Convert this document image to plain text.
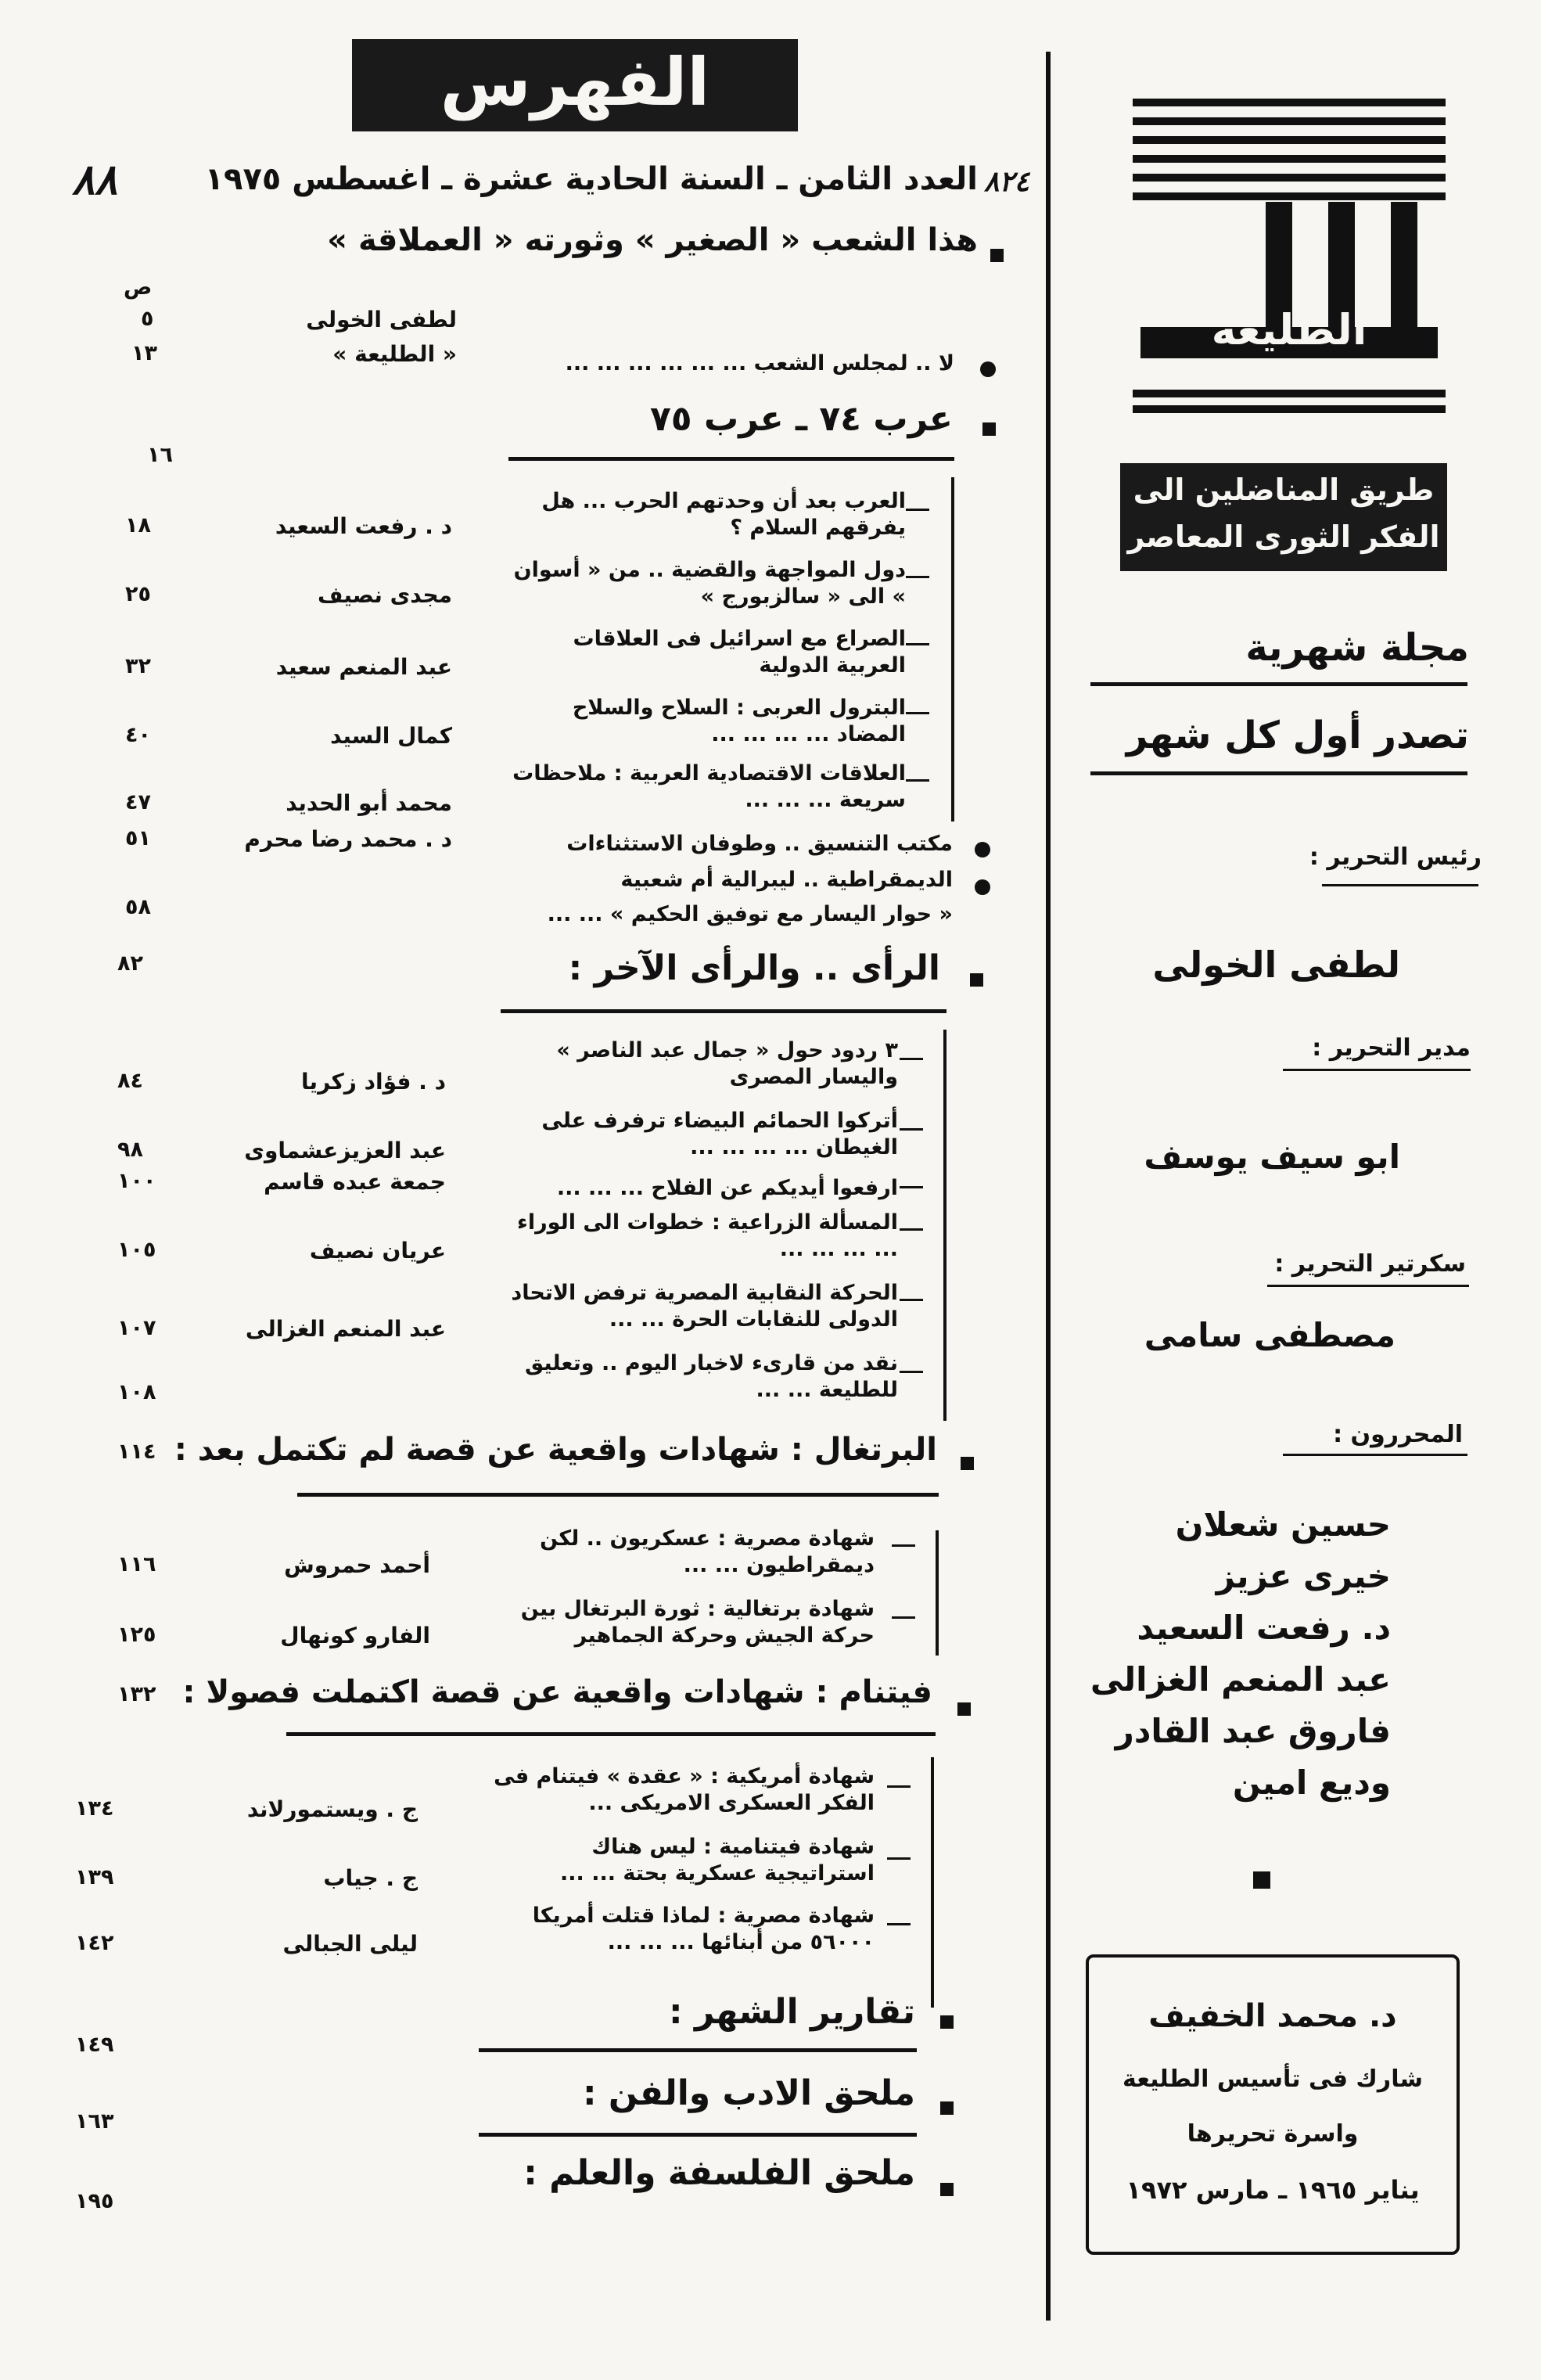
الفهرس
٨٨	٨٢٤
العدد الثامن ـ السنة الحادية عشرة ـ اغسطس ١٩٧٥
هذا الشعب « الصغير » وثورته « العملاقة »
ص
لطفى الخولى
٥
لا .. لمجلس الشعب ... ... ... ... ... ...
« الطليعة »
١٣
عرب ٧٤ ـ عرب ٧٥
١٦
العرب بعد أن وحدتهم الحرب ... هل يفرقهم السلام ؟
د . رفعت السعيد
١٨
دول المواجهة والقضية .. من « أسوان » الى « سالزبورج »
مجدى نصيف
٢٥
الصراع مع اسرائيل فى العلاقات العربية الدولية
عبد المنعم سعيد
٣٢
البترول العربى : السلاح والسلاح المضاد ... ... ... ...
كمال السيد
٤٠
العلاقات الاقتصادية العربية : ملاحظات سريعة ... ... ...
محمد أبو الحديد
٤٧
مكتب التنسيق .. وطوفان الاستثناءات
د . محمد رضا محرم
٥١
الديمقراطية .. ليبرالية أم شعبية
« حوار اليسار مع توفيق الحكيم » ... ...
٥٨
الرأى .. والرأى الآخر :
٨٢
٣ ردود حول « جمال عبد الناصر » واليسار المصرى
د . فؤاد زكريا
٨٤
أتركوا الحمائم البيضاء ترفرف على الغيطان ... ... ... ...
عبد العزيزعشماوى
٩٨
ارفعوا أيديكم عن الفلاح ... ... ...
جمعة عبده قاسم
١٠٠
المسألة الزراعية : خطوات الى الوراء ... ... ... ...
عريان نصيف
١٠٥
الحركة النقابية المصرية ترفض الاتحاد الدولى للنقابات الحرة ... ...
عبد المنعم الغزالى
١٠٧
نقد من قارىء لاخبار اليوم .. وتعليق للطليعة ... ...
١٠٨
البرتغال : شهادات واقعية عن قصة لم تكتمل بعد :
١١٤
شهادة مصرية : عسكريون .. لكن ديمقراطيون ... ...
أحمد حمروش
١١٦
شهادة برتغالية : ثورة البرتغال بين حركة الجيش وحركة الجماهير
الفارو كونهال
١٢٥
فيتنام : شهادات واقعية عن قصة اكتملت فصولا :
١٣٢
شهادة أمريكية : « عقدة » فيتنام فى الفكر العسكرى الامريكى ...
ج . ويستمورلاند
١٣٤
شهادة فيتنامية : ليس هناك استراتيجية عسكرية بحتة ... ...
ج . جياب
١٣٩
شهادة مصرية : لماذا قتلت أمريكا ٥٦٠٠٠ من أبنائها ... ... ...
ليلى الجبالى
١٤٢
تقارير الشهر :
١٤٩
ملحق الادب والفن :
١٦٣
ملحق الفلسفة والعلم :
١٩٥
الطليعة
طريق المناضلين الى
الفكر الثورى المعاصر
مجلة شهرية
تصدر أول كل شهر
رئيس التحرير :
لطفى الخولى
مدير التحرير :
ابو سيف يوسف
سكرتير التحرير :
مصطفى سامى
المحررون :
حسين شعلان
خيرى عزيز
د. رفعت السعيد
عبد المنعم الغزالى
فاروق عبد القادر
وديع امين
د. محمد الخفيف
شارك فى تأسيس الطليعة
واسرة تحريرها
يناير ١٩٦٥ ـ مارس ١٩٧٢
